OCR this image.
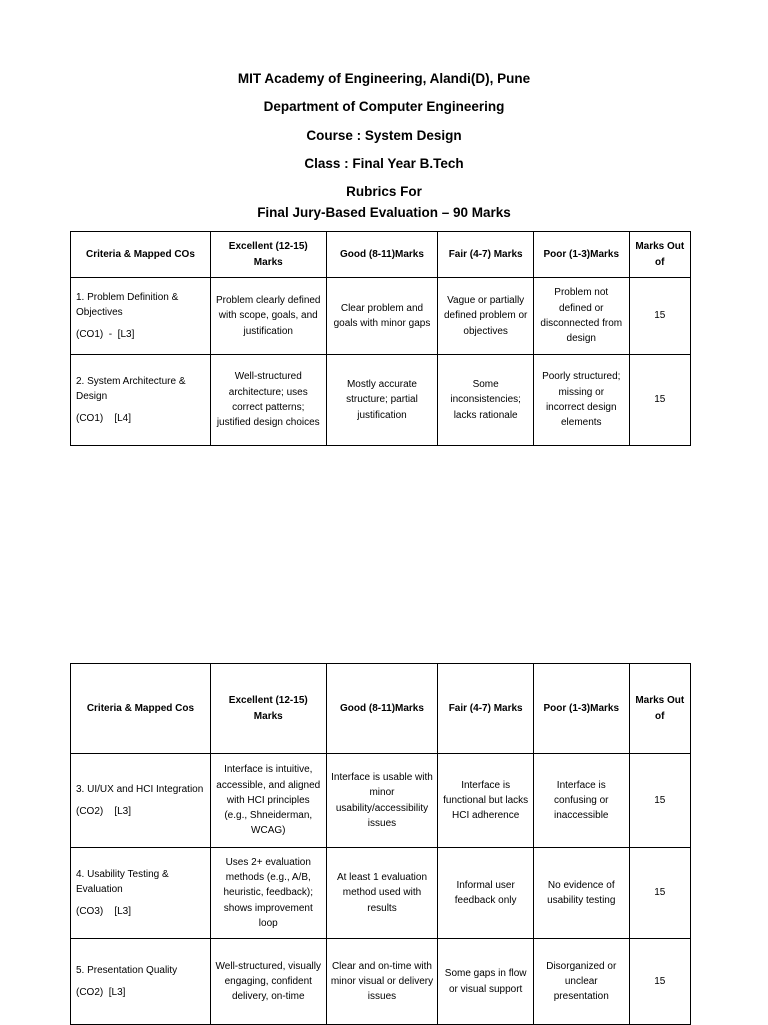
MIT Academy of Engineering, Alandi(D), Pune
Department of Computer Engineering
Course : System Design
Class : Final Year B.Tech
Rubrics For
Final Jury-Based Evaluation – 90 Marks
Criteria & Mapped COs	Excellent (12-15) Marks	Good (8-11)Marks	Fair (4-7) Marks	Poor (1-3)Marks	Marks Out of

1. Problem Definition & Objectives
(CO1)  -  [L3]	Problem clearly defined with scope, goals, and justification	Clear problem and goals with minor gaps	Vague or partially defined problem or objectives	Problem not defined or disconnected from design	15

2. System Architecture & Design
(CO1)    [L4]	Well-structured architecture; uses correct patterns; justified design choices	Mostly accurate structure; partial justification	Some inconsistencies; lacks rationale	Poorly structured; missing or incorrect design elements	15
Criteria & Mapped Cos	Excellent (12-15) Marks	Good (8-11)Marks	Fair (4-7) Marks	Poor (1-3)Marks	Marks Out of

3. UI/UX and HCI Integration
(CO2)    [L3]	Interface is intuitive, accessible, and aligned with HCI principles (e.g., Shneiderman, WCAG)	Interface is usable with minor usability/accessibility issues	Interface is functional but lacks HCI adherence	Interface is confusing or inaccessible	15

4. Usability Testing & Evaluation
(CO3)    [L3]	Uses 2+ evaluation methods (e.g., A/B, heuristic, feedback); shows improvement loop	At least 1 evaluation method used with results	Informal user feedback only	No evidence of usability testing	15

5. Presentation Quality
(CO2)  [L3]	Well-structured, visually engaging, confident delivery, on-time	Clear and on-time with minor visual or delivery issues	Some gaps in flow or visual support	Disorganized or unclear presentation	15
